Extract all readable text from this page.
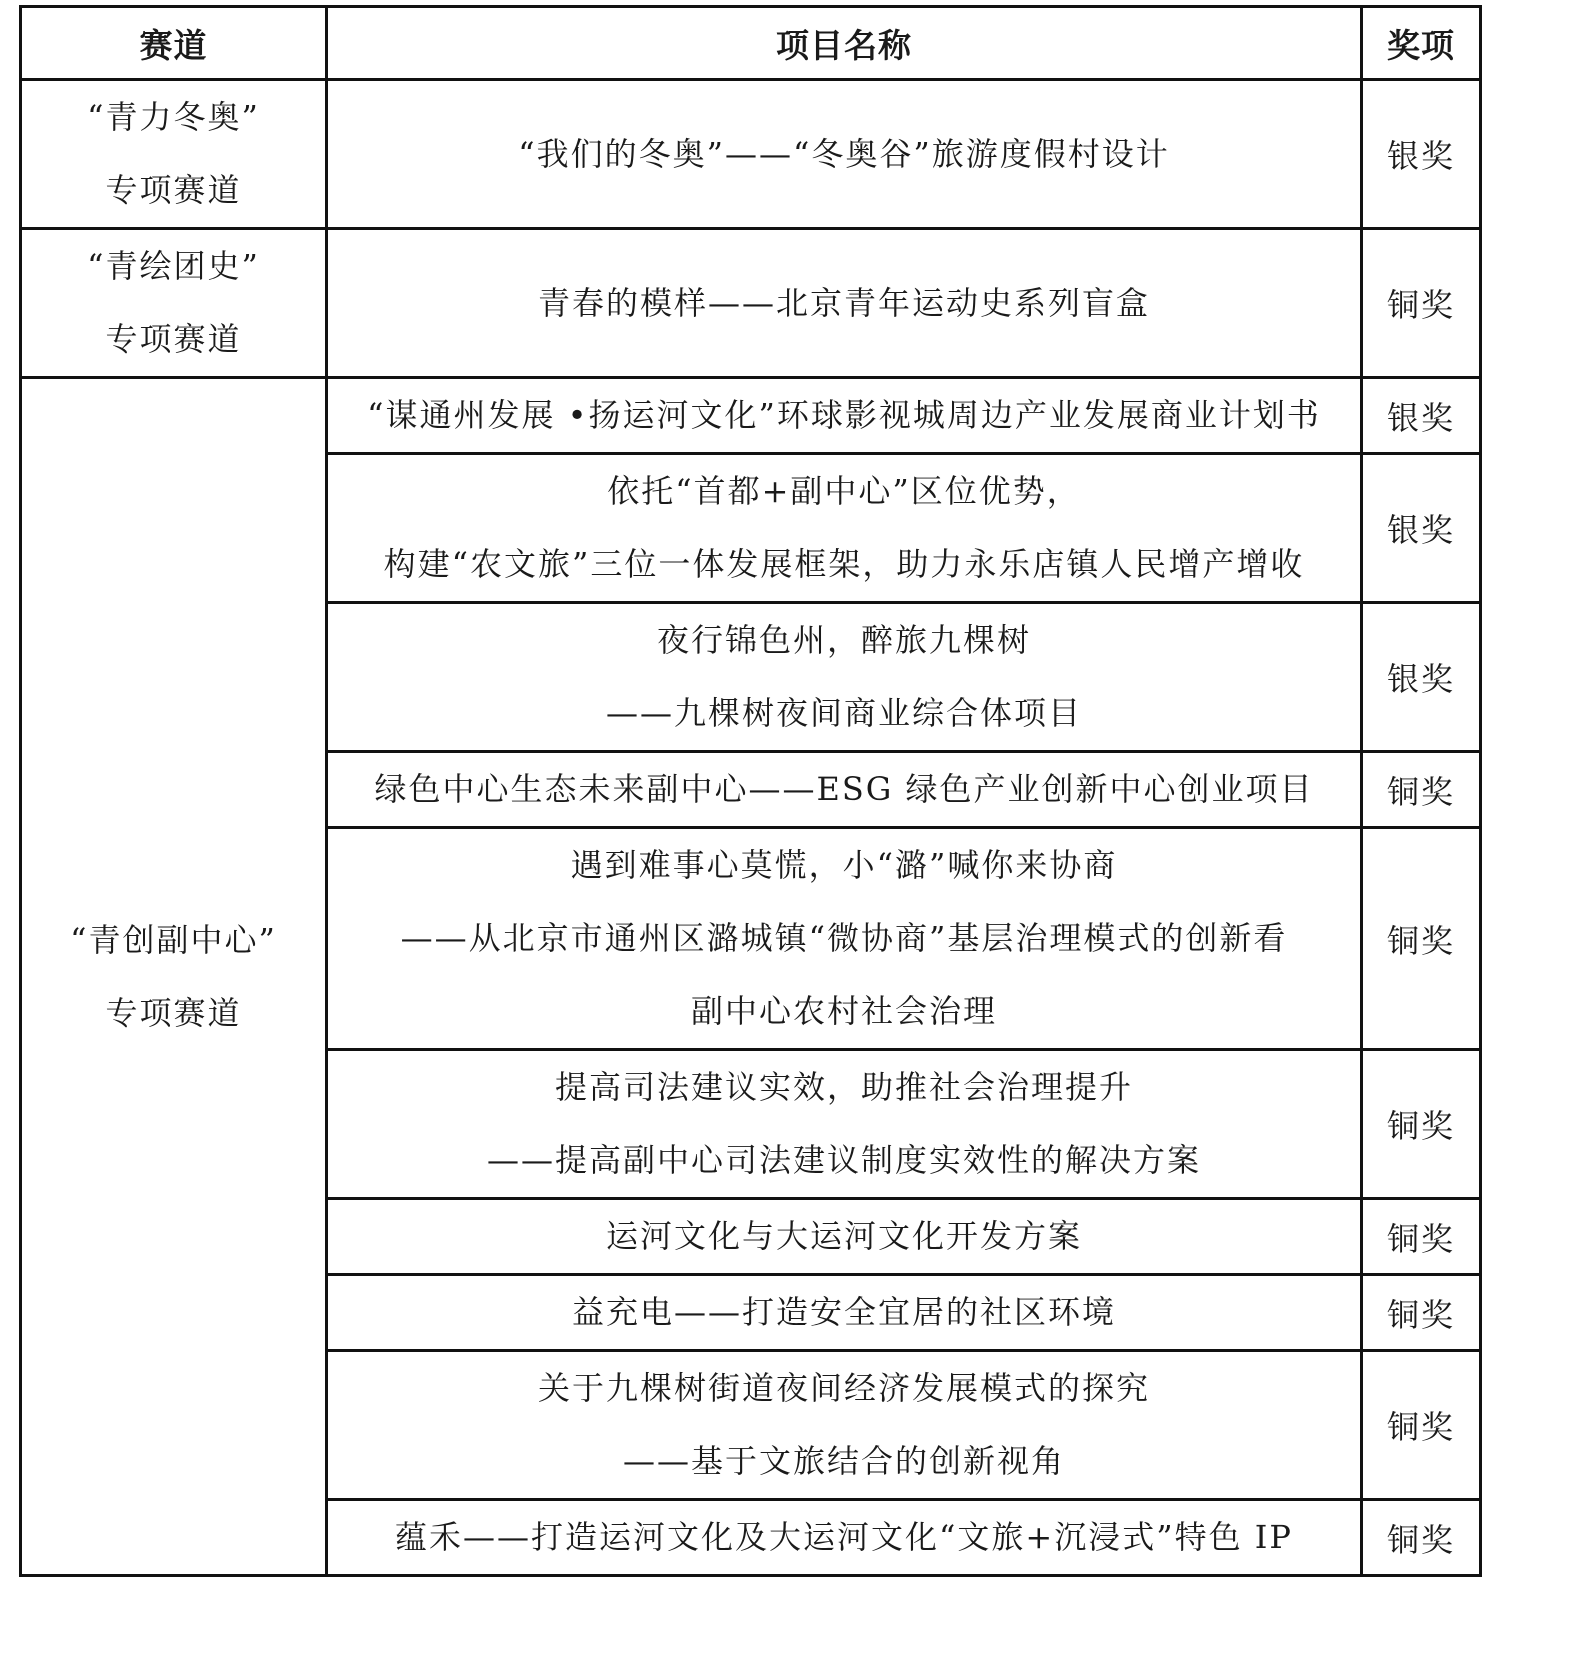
赛道	项目名称	奖项

“青力冬奥”
专项赛道	“我们的冬奥”——“冬奥谷”旅游度假村设计	银奖

“青绘团史”
专项赛道	青春的模样——北京青年运动史系列盲盒	铜奖

“青创副中心”
专项赛道	“谋通州发展 •扬运河文化”环球影视城周边产业发展商业计划书	银奖

	依托“首都+副中心”区位优势，
构建“农文旅”三位一体发展框架，助力永乐店镇人民增产增收	银奖

	夜行锦色州，醉旅九棵树
——九棵树夜间商业综合体项目	银奖

	绿色中心生态未来副中心——ESG 绿色产业创新中心创业项目	铜奖

	遇到难事心莫慌，小“潞”喊你来协商
——从北京市通州区潞城镇“微协商”基层治理模式的创新看
副中心农村社会治理	铜奖

	提高司法建议实效，助推社会治理提升
——提高副中心司法建议制度实效性的解决方案	铜奖

	运河文化与大运河文化开发方案	铜奖

	益充电——打造安全宜居的社区环境	铜奖

	关于九棵树街道夜间经济发展模式的探究
——基于文旅结合的创新视角	铜奖

	蕴禾——打造运河文化及大运河文化“文旅+沉浸式”特色 IP	铜奖
